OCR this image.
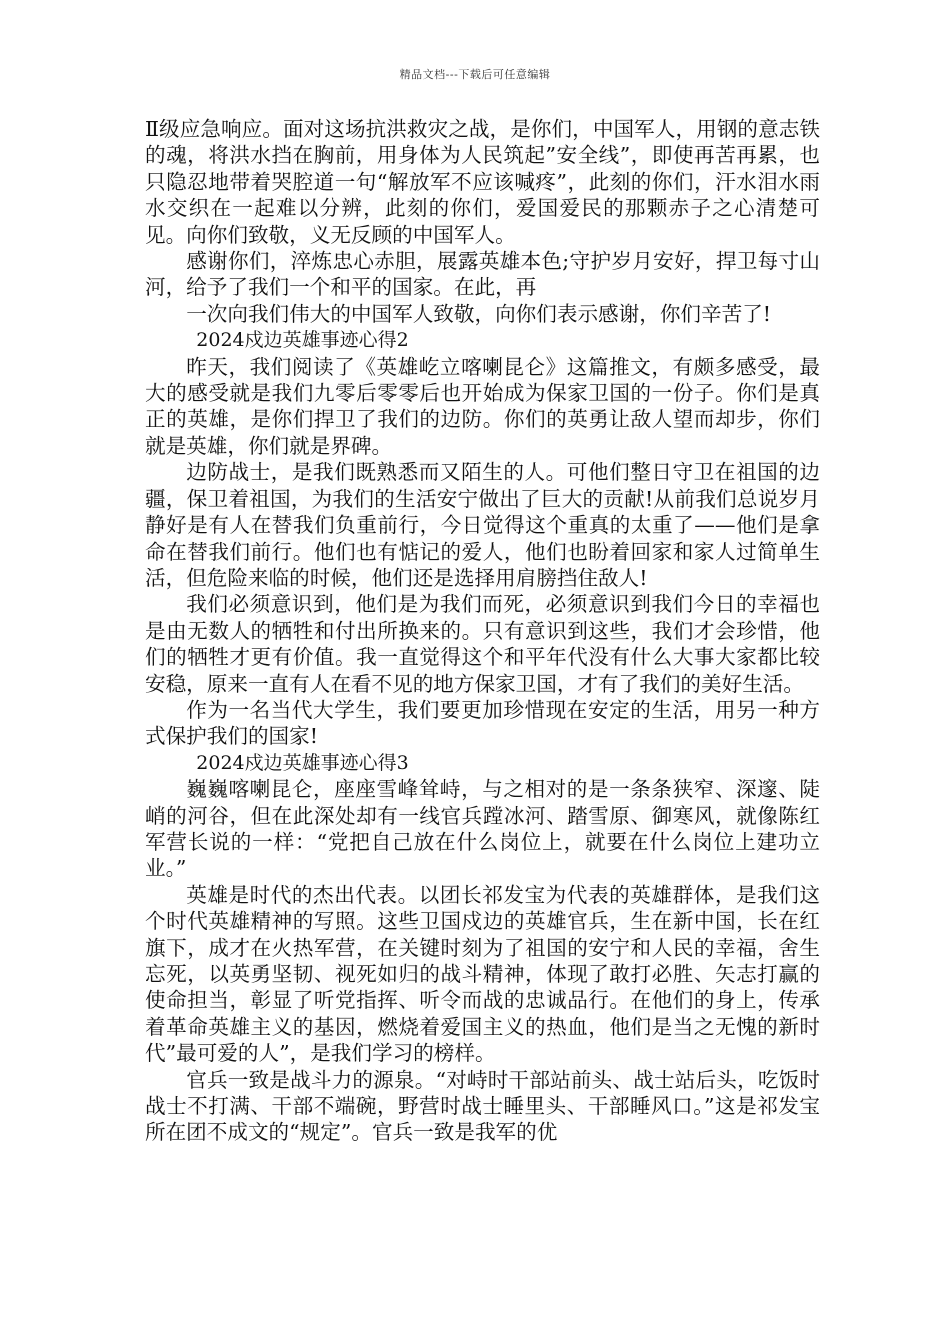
精品文档---下载后可任意编辑

Ⅱ级应急响应。面对这场抗洪救灾之战，是你们，中国军人，用钢的意志铁的魂，将洪水挡在胸前，用身体为人民筑起”安全线”，即使再苦再累，也只隐忍地带着哭腔道一句“解放军不应该喊疼”，此刻的你们，汗水泪水雨水交织在一起难以分辨，此刻的你们，爱国爱民的那颗赤子之心清楚可见。向你们致敬，义无反顾的中国军人。

感谢你们，淬炼忠心赤胆，展露英雄本色;守护岁月安好，捍卫每寸山河，给予了我们一个和平的国家。在此，再

一次向我们伟大的中国军人致敬，向你们表示感谢，你们辛苦了!

2024戍边英雄事迹心得2

昨天，我们阅读了《英雄屹立喀喇昆仑》这篇推文，有颇多感受，最大的感受就是我们九零后零零后也开始成为保家卫国的一份子。你们是真正的英雄，是你们捍卫了我们的边防。你们的英勇让敌人望而却步，你们就是英雄，你们就是界碑。

边防战士，是我们既熟悉而又陌生的人。可他们整日守卫在祖国的边疆，保卫着祖国，为我们的生活安宁做出了巨大的贡献!从前我们总说岁月静好是有人在替我们负重前行，今日觉得这个重真的太重了——他们是拿命在替我们前行。他们也有惦记的爱人，他们也盼着回家和家人过简单生活，但危险来临的时候，他们还是选择用肩膀挡住敌人!

我们必须意识到，他们是为我们而死，必须意识到我们今日的幸福也是由无数人的牺牲和付出所换来的。只有意识到这些，我们才会珍惜，他们的牺牲才更有价值。我一直觉得这个和平年代没有什么大事大家都比较安稳，原来一直有人在看不见的地方保家卫国，才有了我们的美好生活。

作为一名当代大学生，我们要更加珍惜现在安定的生活，用另一种方式保护我们的国家!

2024戍边英雄事迹心得3

巍巍喀喇昆仑，座座雪峰耸峙，与之相对的是一条条狭窄、深邃、陡峭的河谷，但在此深处却有一线官兵蹚冰河、踏雪原、御寒风，就像陈红军营长说的一样：“党把自己放在什么岗位上，就要在什么岗位上建功立业。”

英雄是时代的杰出代表。以团长祁发宝为代表的英雄群体，是我们这个时代英雄精神的写照。这些卫国戍边的英雄官兵，生在新中国，长在红旗下，成才在火热军营，在关键时刻为了祖国的安宁和人民的幸福，舍生忘死，以英勇坚韧、视死如归的战斗精神，体现了敢打必胜、矢志打赢的使命担当，彰显了听党指挥、听令而战的忠诚品行。在他们的身上，传承着革命英雄主义的基因，燃烧着爱国主义的热血，他们是当之无愧的新时代”最可爱的人”，是我们学习的榜样。

官兵一致是战斗力的源泉。“对峙时干部站前头、战士站后头，吃饭时战士不打满、干部不端碗，野营时战士睡里头、干部睡风口。”这是祁发宝所在团不成文的“规定”。官兵一致是我军的优
